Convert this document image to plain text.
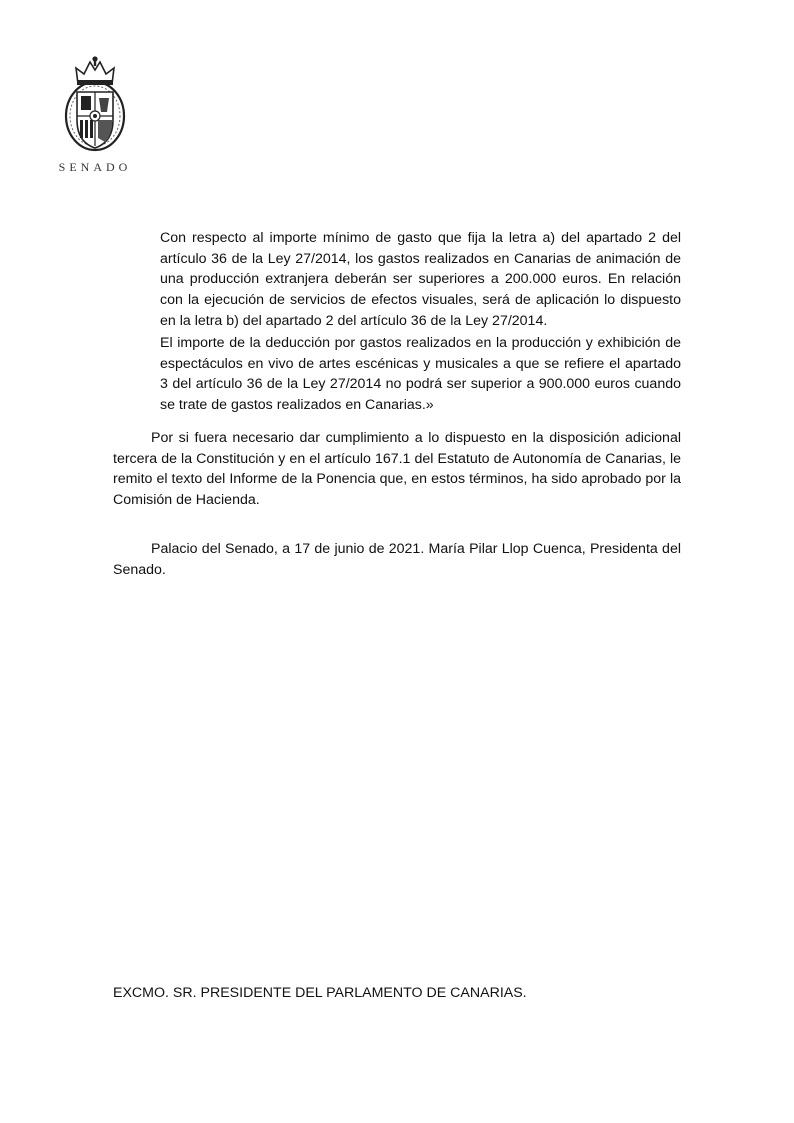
SENADO

Con respecto al importe mínimo de gasto que fija la letra a) del apartado 2 del artículo 36 de la Ley 27/2014, los gastos realizados en Canarias de animación de una producción extranjera deberán ser superiores a 200.000 euros. En relación con la ejecución de servicios de efectos visuales, será de aplicación lo dispuesto en la letra b) del apartado 2 del artículo 36 de la Ley 27/2014.

El importe de la deducción por gastos realizados en la producción y exhibición de espectáculos en vivo de artes escénicas y musicales a que se refiere el apartado 3 del artículo 36 de la Ley 27/2014 no podrá ser superior a 900.000 euros cuando se trate de gastos realizados en Canarias.»

Por si fuera necesario dar cumplimiento a lo dispuesto en la disposición adicional tercera de la Constitución y en el artículo 167.1 del Estatuto de Autonomía de Canarias, le remito el texto del Informe de la Ponencia que, en estos términos, ha sido aprobado por la Comisión de Hacienda.

Palacio del Senado, a 17 de junio de 2021. María Pilar Llop Cuenca, Presidenta del Senado.

EXCMO. SR. PRESIDENTE DEL PARLAMENTO DE CANARIAS.
